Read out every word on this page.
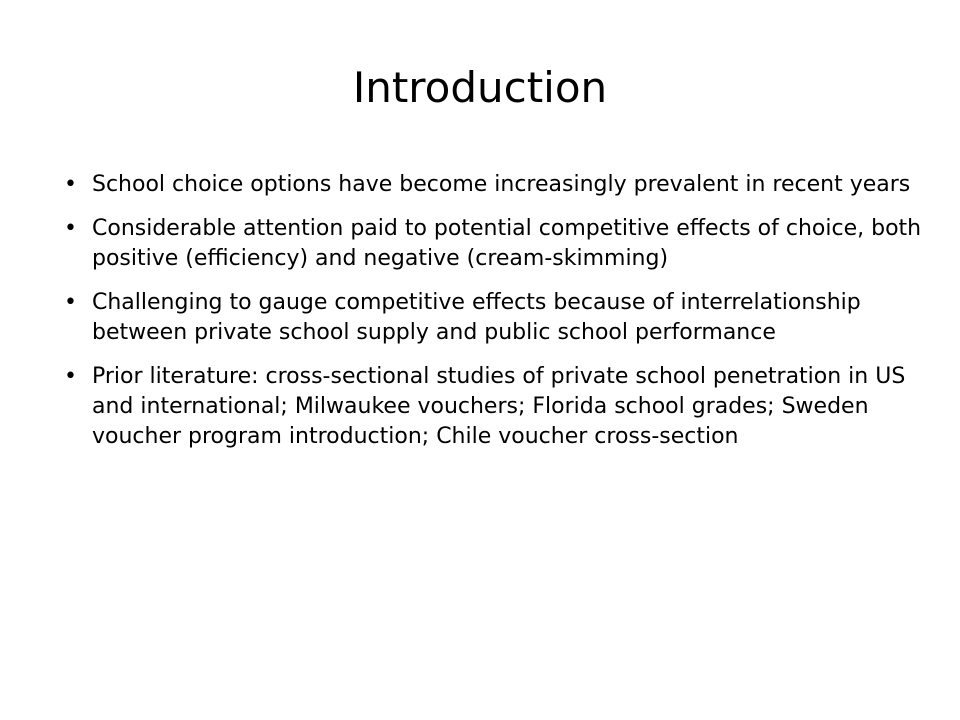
Introduction
• School choice options have become increasingly prevalent in recent years
• Considerable attention paid to potential competitive effects of choice, both positive (efficiency) and negative (cream-skimming)
• Challenging to gauge competitive effects because of interrelationship between private school supply and public school performance
• Prior literature: cross-sectional studies of private school penetration in US and international; Milwaukee vouchers; Florida school grades; Sweden voucher program introduction; Chile voucher cross-section
